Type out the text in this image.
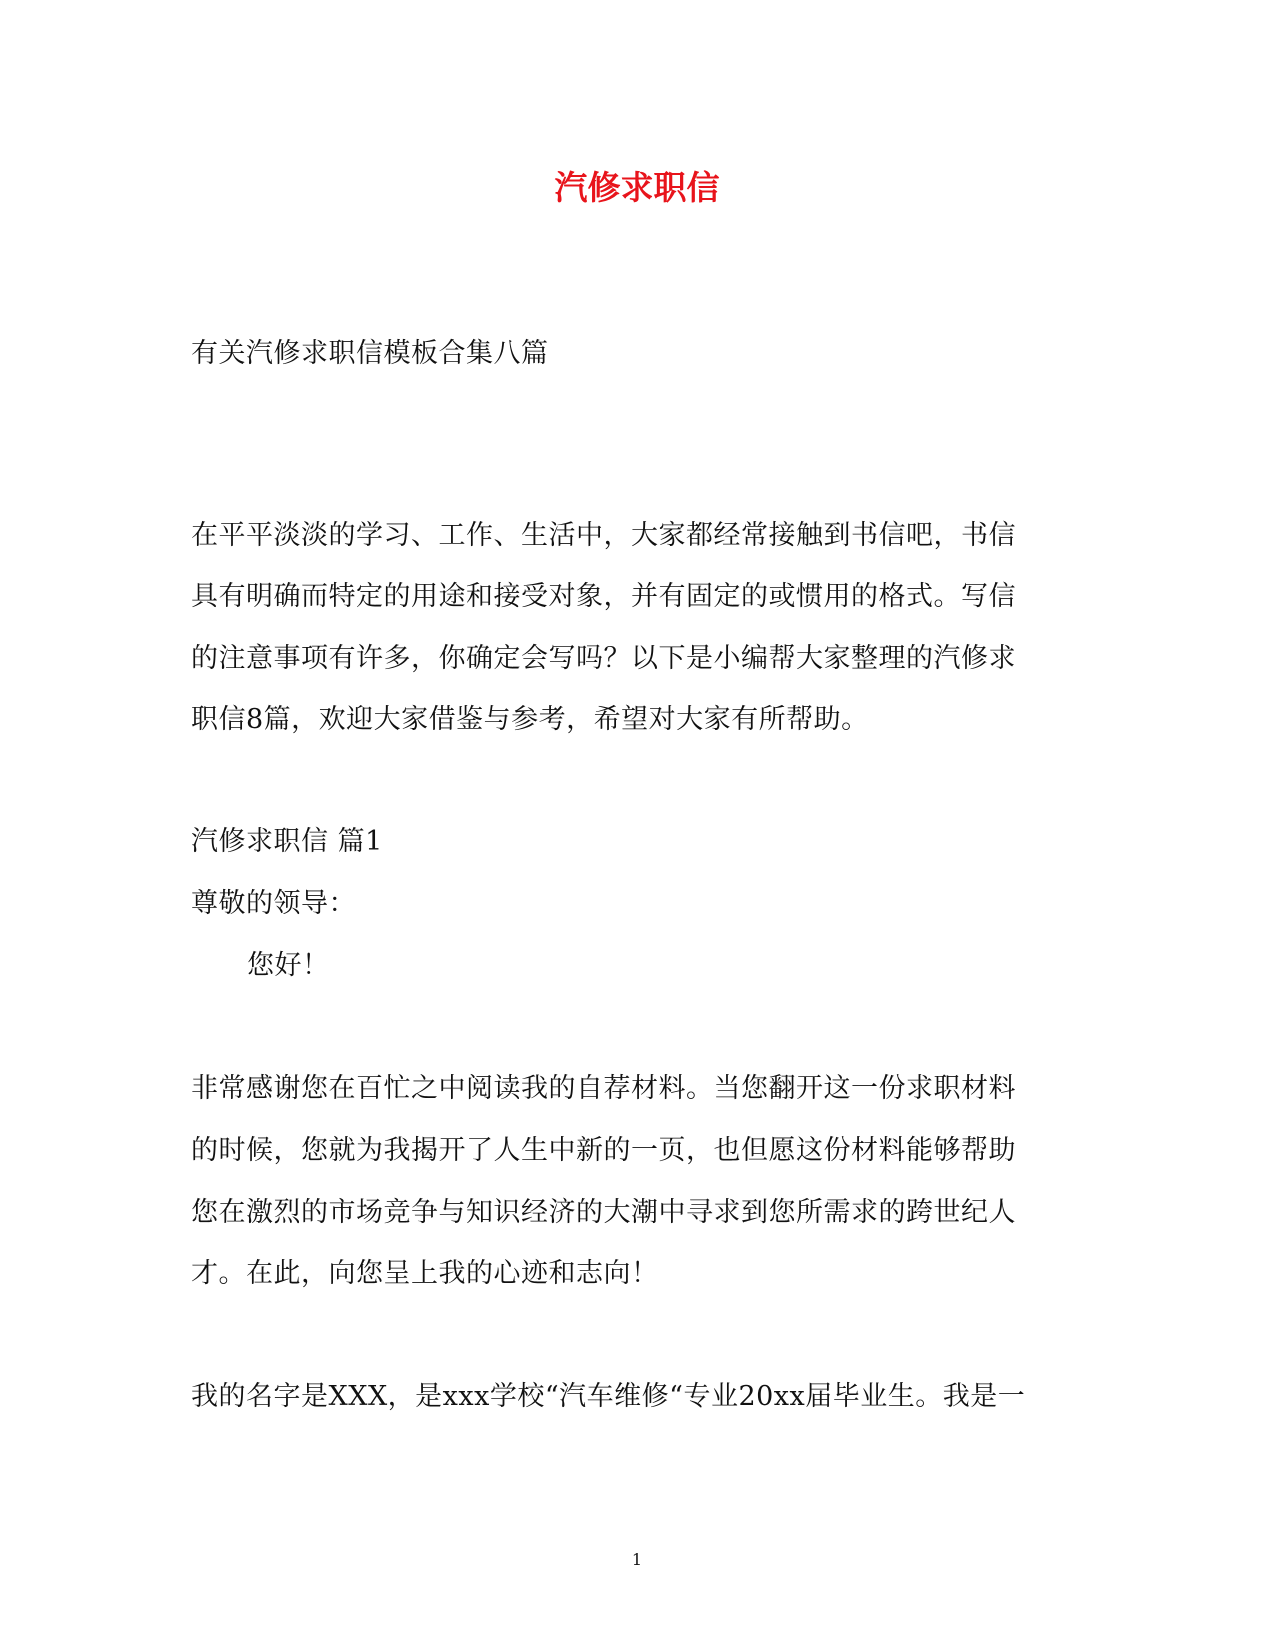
汽修求职信
有关汽修求职信模板合集八篇
在平平淡淡的学习、工作、生活中，大家都经常接触到书信吧，书信
具有明确而特定的用途和接受对象，并有固定的或惯用的格式。写信
的注意事项有许多，你确定会写吗？以下是小编帮大家整理的汽修求
职信8篇，欢迎大家借鉴与参考，希望对大家有所帮助。
汽修求职信 篇1
尊敬的领导：
您好！
非常感谢您在百忙之中阅读我的自荐材料。当您翻开这一份求职材料
的时候，您就为我揭开了人生中新的一页，也但愿这份材料能够帮助
您在激烈的市场竞争与知识经济的大潮中寻求到您所需求的跨世纪人
才。在此，向您呈上我的心迹和志向！
我的名字是XXX，是xxx学校“汽车维修“专业20xx届毕业生。我是一
1
